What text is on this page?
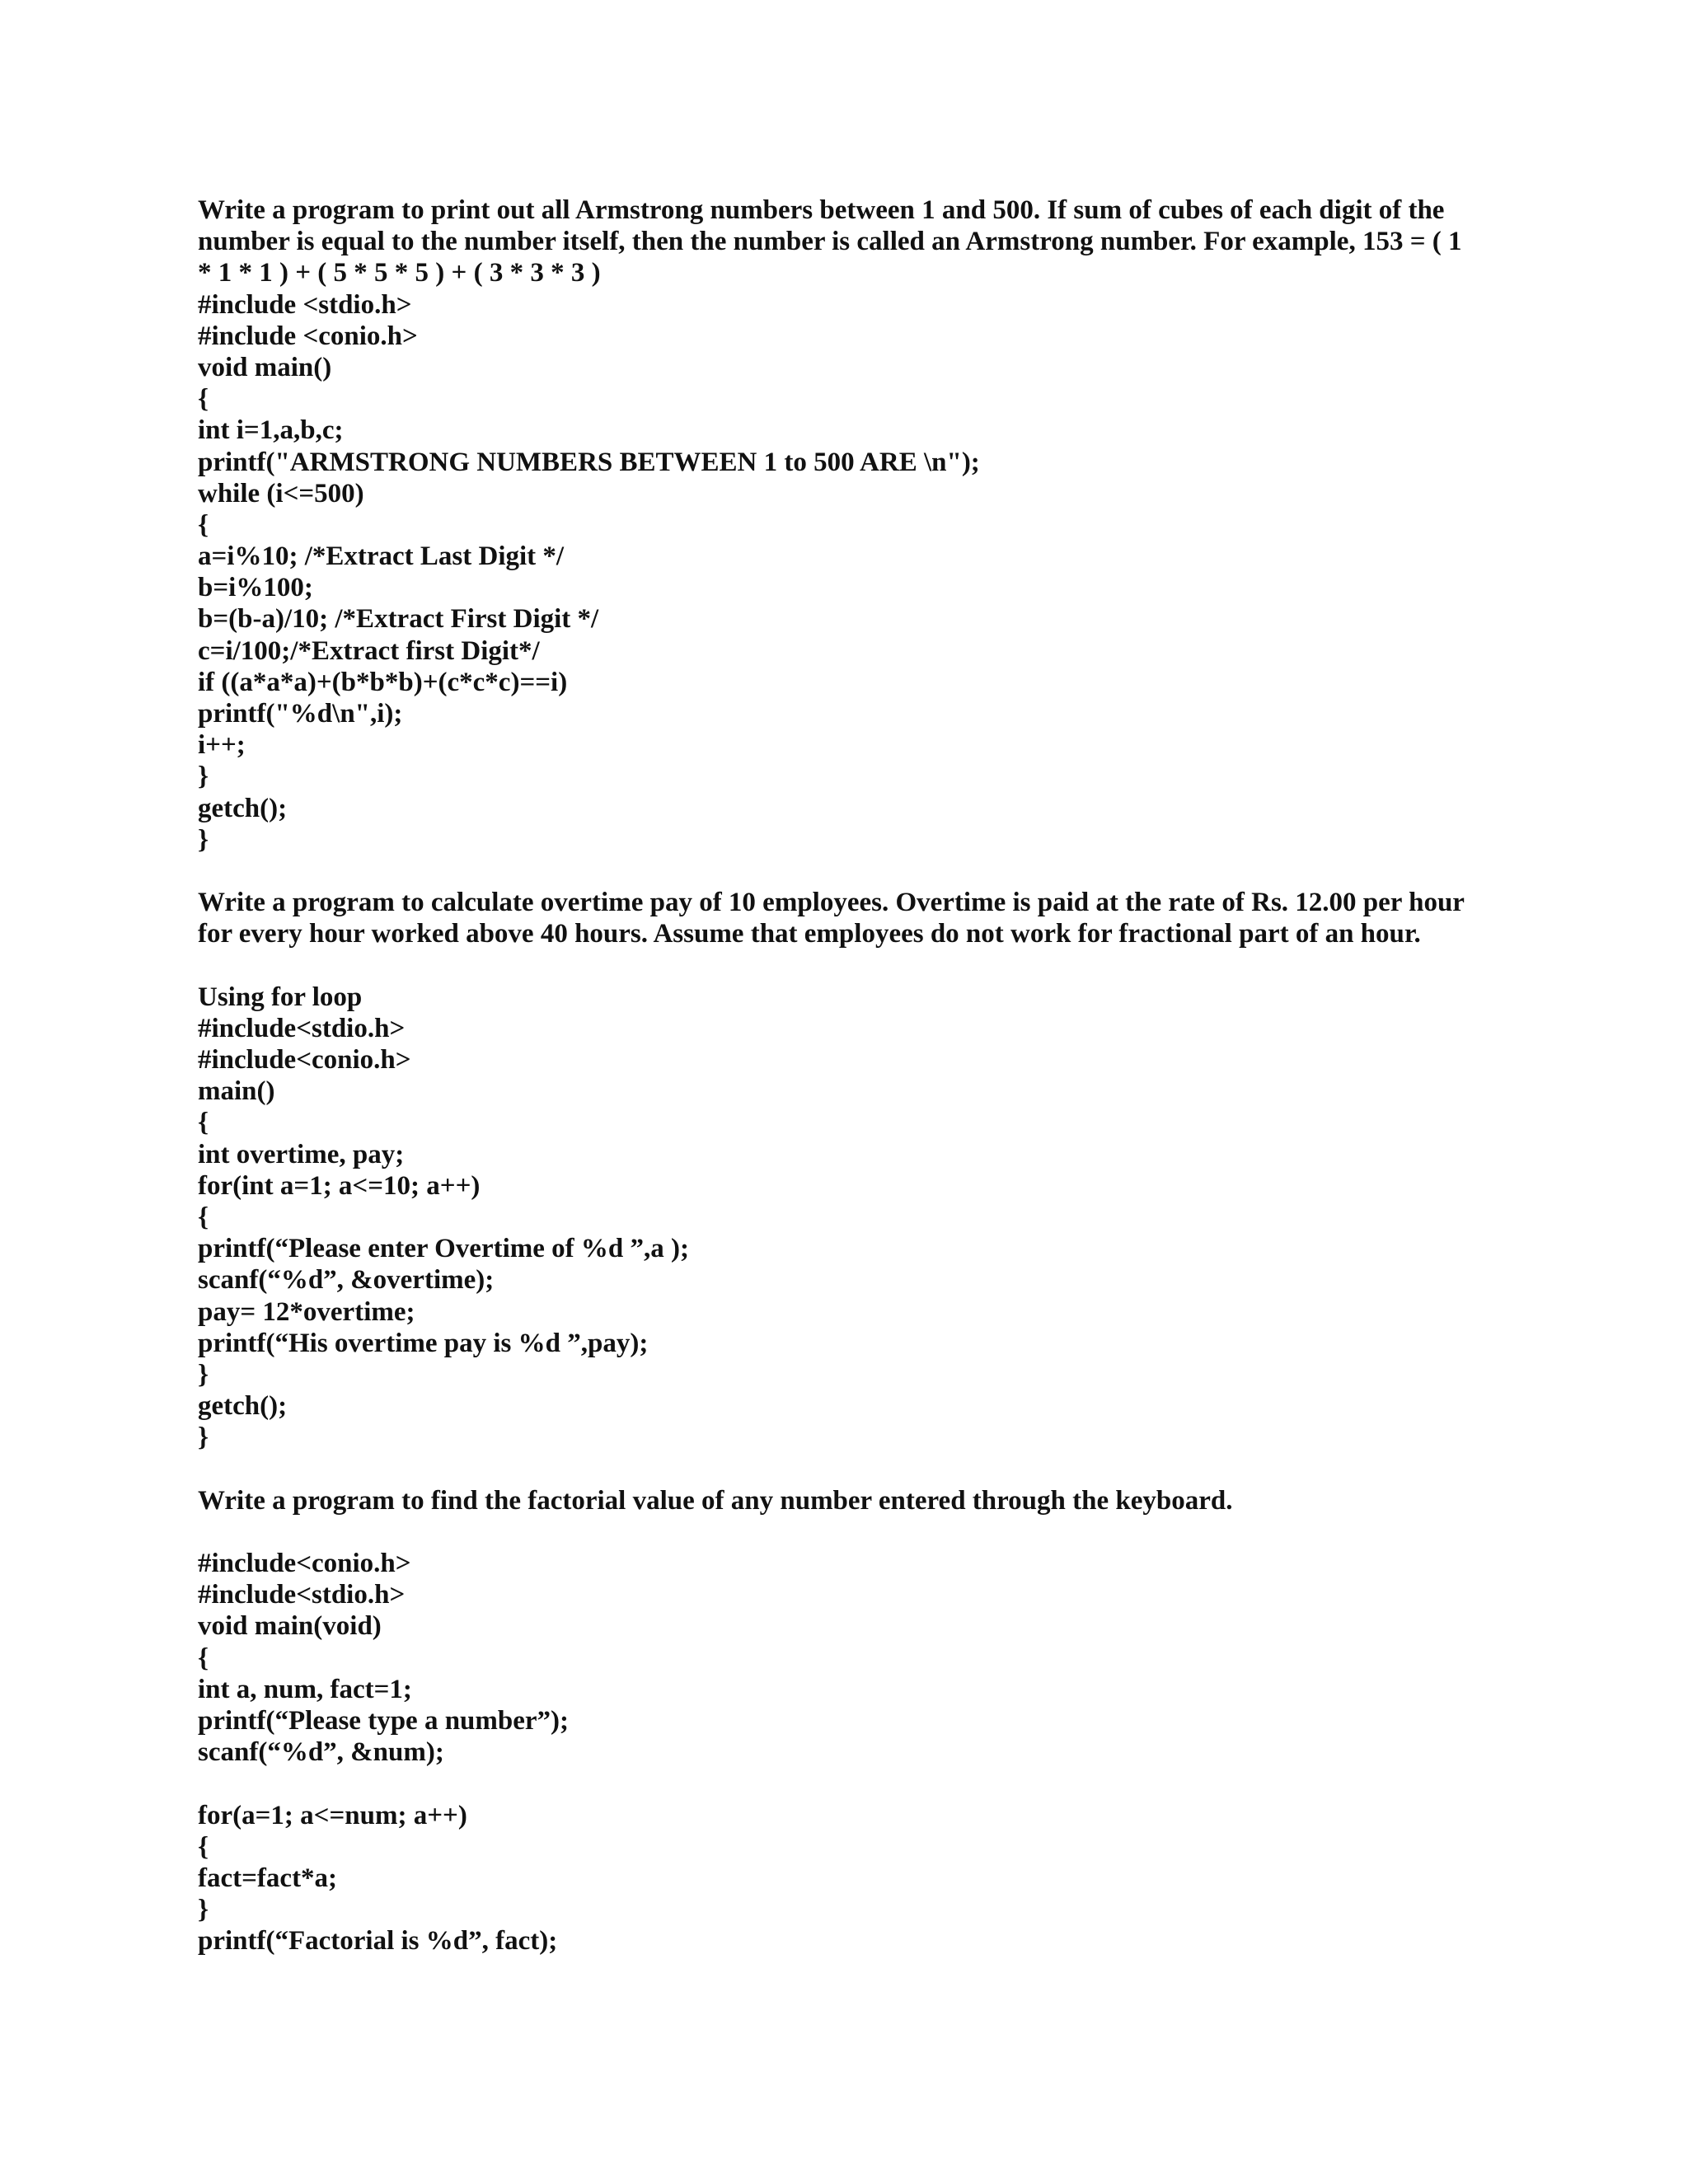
Write a program to print out all Armstrong numbers between 1 and 500. If sum of cubes of each digit of the
number is equal to the number itself, then the number is called an Armstrong number. For example, 153 = ( 1
* 1 * 1 ) + ( 5 * 5 * 5 ) + ( 3 * 3 * 3 )
#include <stdio.h>
#include <conio.h>
void main()
{
int i=1,a,b,c;
printf("ARMSTRONG NUMBERS BETWEEN 1 to 500 ARE \n");
while (i<=500)
{
a=i%10; /*Extract Last Digit */
b=i%100;
b=(b-a)/10; /*Extract First Digit */
c=i/100;/*Extract first Digit*/
if ((a*a*a)+(b*b*b)+(c*c*c)==i)
printf("%d\n",i);
i++;
}
getch();
}
Write a program to calculate overtime pay of 10 employees. Overtime is paid at the rate of Rs. 12.00 per hour
for every hour worked above 40 hours. Assume that employees do not work for fractional part of an hour.
Using for loop
#include<stdio.h>
#include<conio.h>
main()
{
int overtime, pay;
for(int a=1; a<=10; a++)
{
printf(“Please enter Overtime of %d ”,a );
scanf(“%d”, &overtime);
pay= 12*overtime;
printf(“His overtime pay is %d ”,pay);
}
getch();
}
Write a program to find the factorial value of any number entered through the keyboard.
#include<conio.h>
#include<stdio.h>
void main(void)
{
int a, num, fact=1;
printf(“Please type a number”);
scanf(“%d”, &num);
for(a=1; a<=num; a++)
{
fact=fact*a;
}
printf(“Factorial is %d”, fact);
